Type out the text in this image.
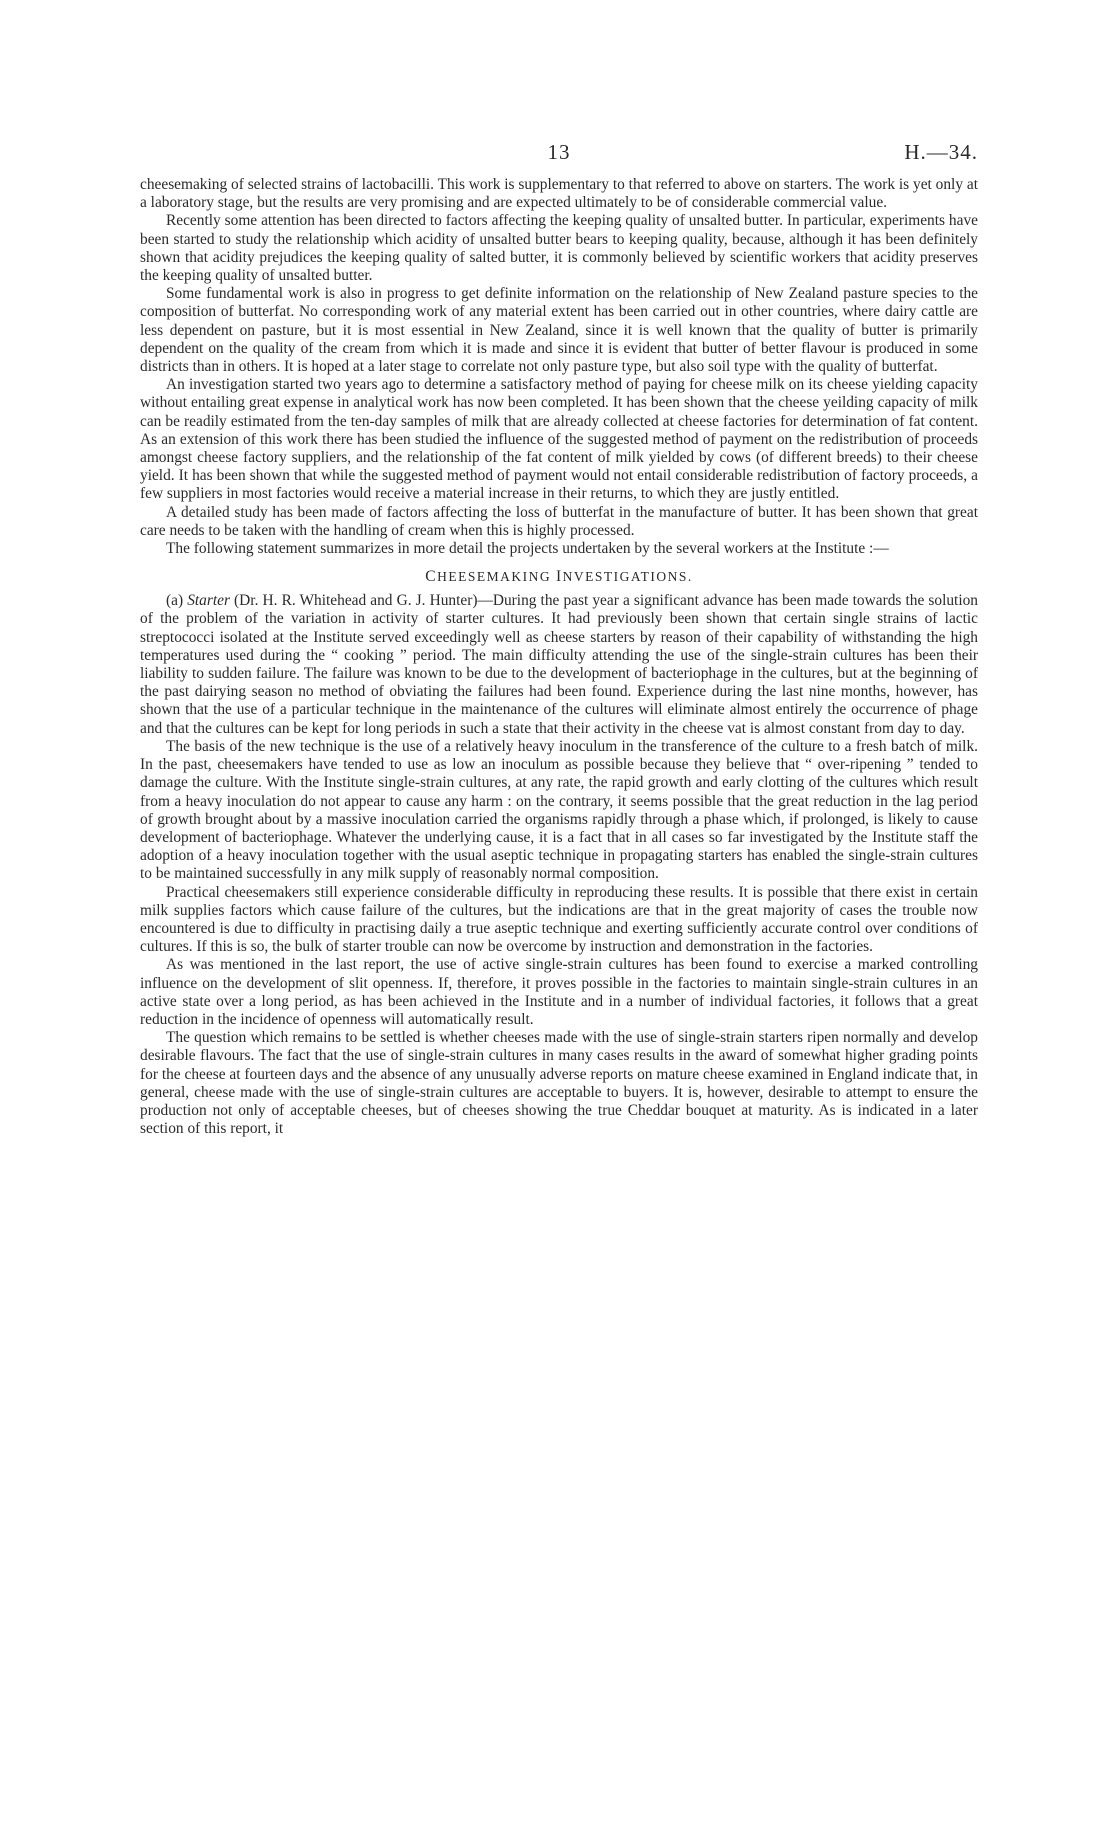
13	H.—34.

cheesemaking of selected strains of lactobacilli. This work is supplementary to that referred to above on starters. The work is yet only at a laboratory stage, but the results are very promising and are expected ultimately to be of considerable commercial value.

Recently some attention has been directed to factors affecting the keeping quality of unsalted butter. In particular, experiments have been started to study the relationship which acidity of unsalted butter bears to keeping quality, because, although it has been definitely shown that acidity prejudices the keeping quality of salted butter, it is commonly believed by scientific workers that acidity preserves the keeping quality of unsalted butter.

Some fundamental work is also in progress to get definite information on the relationship of New Zealand pasture species to the composition of butterfat. No corresponding work of any material extent has been carried out in other countries, where dairy cattle are less dependent on pasture, but it is most essential in New Zealand, since it is well known that the quality of butter is primarily dependent on the quality of the cream from which it is made and since it is evident that butter of better flavour is produced in some districts than in others. It is hoped at a later stage to correlate not only pasture type, but also soil type with the quality of butterfat.

An investigation started two years ago to determine a satisfactory method of paying for cheese milk on its cheese yielding capacity without entailing great expense in analytical work has now been completed. It has been shown that the cheese yeilding capacity of milk can be readily estimated from the ten-day samples of milk that are already collected at cheese factories for determination of fat content. As an extension of this work there has been studied the influence of the suggested method of payment on the redistribution of proceeds amongst cheese factory suppliers, and the relationship of the fat content of milk yielded by cows (of different breeds) to their cheese yield. It has been shown that while the suggested method of payment would not entail considerable redistribution of factory proceeds, a few suppliers in most factories would receive a material increase in their returns, to which they are justly entitled.

A detailed study has been made of factors affecting the loss of butterfat in the manufacture of butter. It has been shown that great care needs to be taken with the handling of cream when this is highly processed.

The following statement summarizes in more detail the projects undertaken by the several workers at the Institute :—

CHEESEMAKING INVESTIGATIONS.

(a) Starter (Dr. H. R. Whitehead and G. J. Hunter)—During the past year a significant advance has been made towards the solution of the problem of the variation in activity of starter cultures. It had previously been shown that certain single strains of lactic streptococci isolated at the Institute served exceedingly well as cheese starters by reason of their capability of withstanding the high temperatures used during the “ cooking ” period. The main difficulty attending the use of the single-strain cultures has been their liability to sudden failure. The failure was known to be due to the development of bacteriophage in the cultures, but at the beginning of the past dairying season no method of obviating the failures had been found. Experience during the last nine months, however, has shown that the use of a particular technique in the maintenance of the cultures will eliminate almost entirely the occurrence of phage and that the cultures can be kept for long periods in such a state that their activity in the cheese vat is almost constant from day to day.

The basis of the new technique is the use of a relatively heavy inoculum in the transference of the culture to a fresh batch of milk. In the past, cheesemakers have tended to use as low an inoculum as possible because they believe that “ over-ripening ” tended to damage the culture. With the Institute single-strain cultures, at any rate, the rapid growth and early clotting of the cultures which result from a heavy inoculation do not appear to cause any harm : on the contrary, it seems possible that the great reduction in the lag period of growth brought about by a massive inoculation carried the organisms rapidly through a phase which, if prolonged, is likely to cause development of bacteriophage. Whatever the underlying cause, it is a fact that in all cases so far investigated by the Institute staff the adoption of a heavy inoculation together with the usual aseptic technique in propagating starters has enabled the single-strain cultures to be maintained successfully in any milk supply of reasonably normal composition.

Practical cheesemakers still experience considerable difficulty in reproducing these results. It is possible that there exist in certain milk supplies factors which cause failure of the cultures, but the indications are that in the great majority of cases the trouble now encountered is due to difficulty in practising daily a true aseptic technique and exerting sufficiently accurate control over conditions of cultures. If this is so, the bulk of starter trouble can now be overcome by instruction and demonstration in the factories.

As was mentioned in the last report, the use of active single-strain cultures has been found to exercise a marked controlling influence on the development of slit openness. If, therefore, it proves possible in the factories to maintain single-strain cultures in an active state over a long period, as has been achieved in the Institute and in a number of individual factories, it follows that a great reduction in the incidence of openness will automatically result.

The question which remains to be settled is whether cheeses made with the use of single-strain starters ripen normally and develop desirable flavours. The fact that the use of single-strain cultures in many cases results in the award of somewhat higher grading points for the cheese at fourteen days and the absence of any unusually adverse reports on mature cheese examined in England indicate that, in general, cheese made with the use of single-strain cultures are acceptable to buyers. It is, however, desirable to attempt to ensure the production not only of acceptable cheeses, but of cheeses showing the true Cheddar bouquet at maturity. As is indicated in a later section of this report, it
